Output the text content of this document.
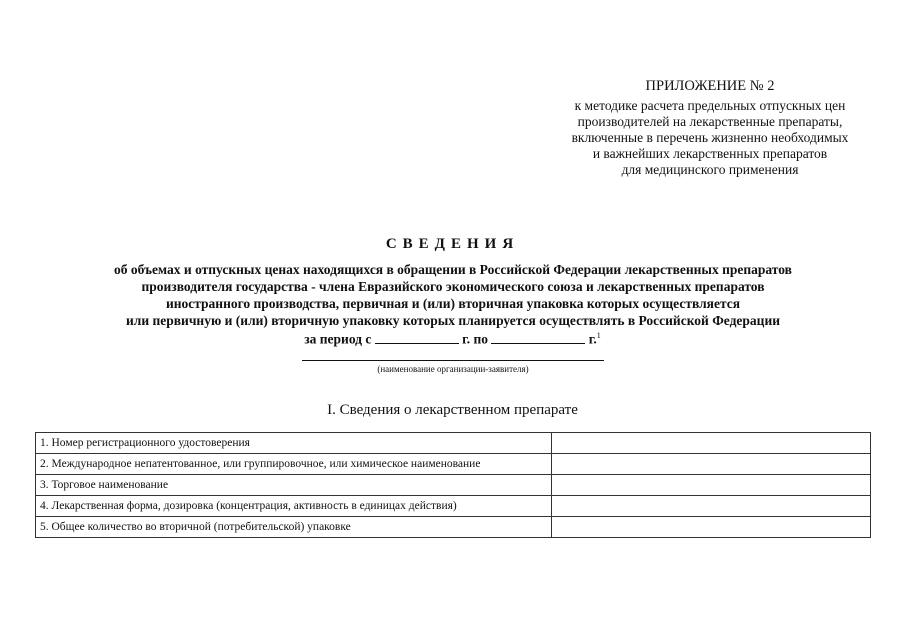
ПРИЛОЖЕНИЕ № 2
к методике расчета предельных отпускных цен
производителей на лекарственные препараты,
включенные в перечень жизненно необходимых
и важнейших лекарственных препаратов
для медицинского применения
СВЕДЕНИЯ
об объемах и отпускных ценах находящихся в обращении в Российской Федерации лекарственных препаратов
производителя государства - члена Евразийского экономического союза и лекарственных препаратов
иностранного производства, первичная и (или) вторичная упаковка которых осуществляется
или первичную и (или) вторичную упаковку которых планируется осуществлять в Российской Федерации
за период с	г. по	г.$^1$
(наименование организации-заявителя)
I. Сведения о лекарственном препарате
1. Номер регистрационного удостоверения	
2. Международное непатентованное, или группировочное, или химическое наименование	
3. Торговое наименование	
4. Лекарственная форма, дозировка (концентрация, активность в единицах действия)	
5. Общее количество во вторичной (потребительской) упаковке	
